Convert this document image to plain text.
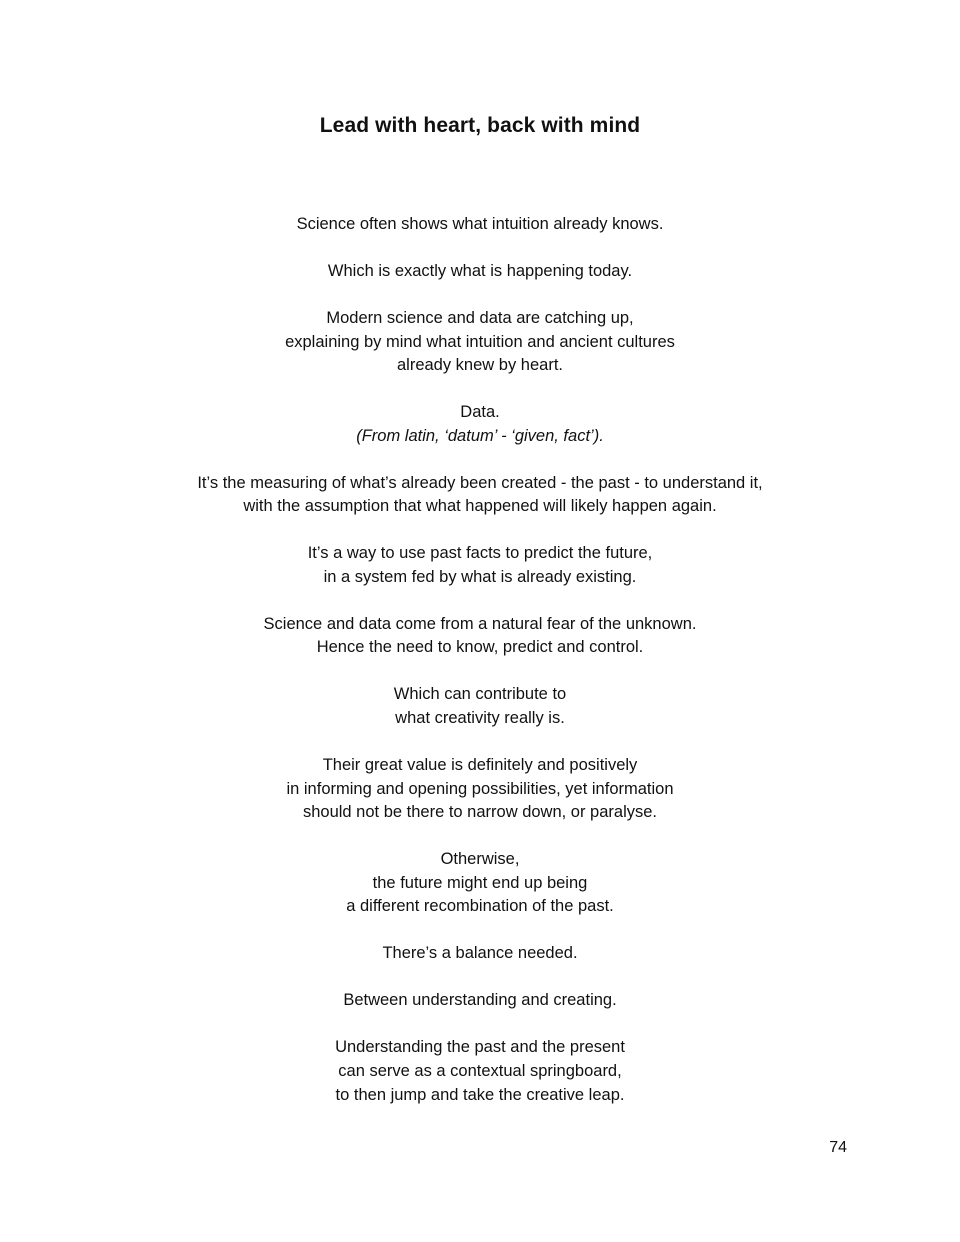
Lead with heart, back with mind

Science often shows what intuition already knows.

Which is exactly what is happening today.

Modern science and data are catching up,
explaining by mind what intuition and ancient cultures
already knew by heart.

Data.
(From latin, ‘datum’ - ‘given, fact’).

It’s the measuring of what’s already been created - the past - to understand it,
with the assumption that what happened will likely happen again.

It’s a way to use past facts to predict the future,
in a system fed by what is already existing.

Science and data come from a natural fear of the unknown.
Hence the need to know, predict and control.

Which can contribute to
what creativity really is.

Their great value is definitely and positively
in informing and opening possibilities, yet information
should not be there to narrow down, or paralyse.

Otherwise,
the future might end up being
a different recombination of the past.

There’s a balance needed.

Between understanding and creating.

Understanding the past and the present
can serve as a contextual springboard,
to then jump and take the creative leap.

74
